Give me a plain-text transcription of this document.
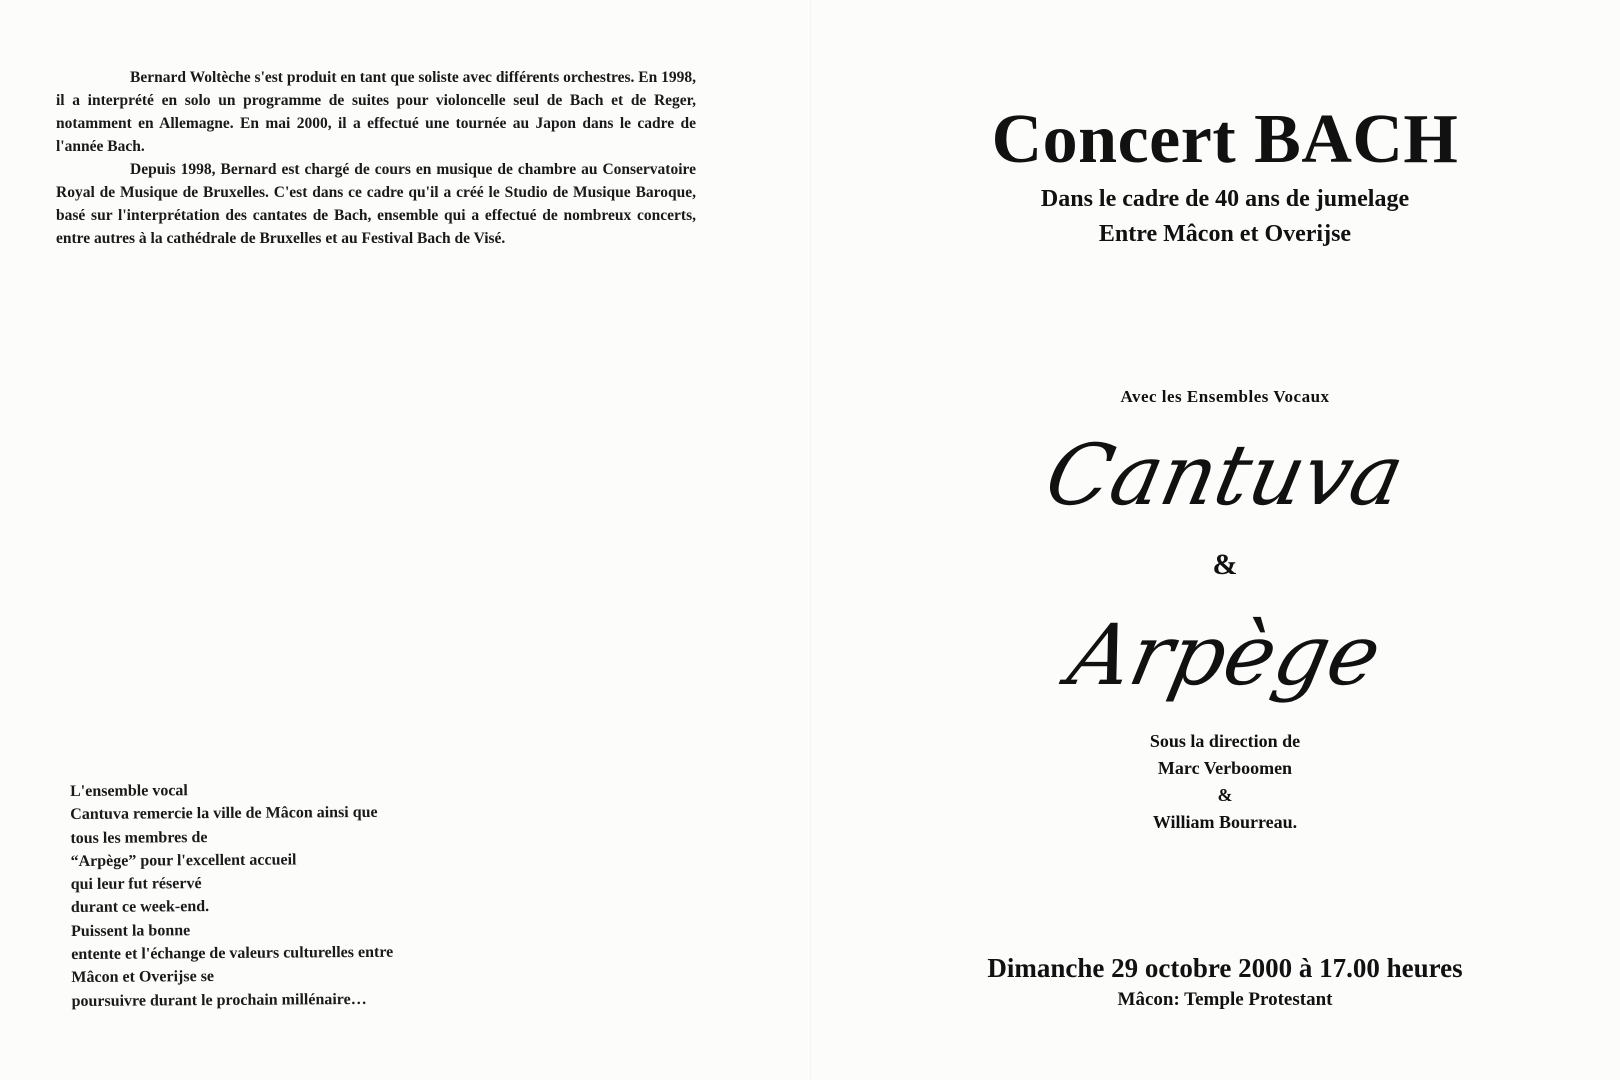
Bernard Woltèche s'est produit en tant que soliste avec différents orchestres. En 1998, il a interprété en solo un programme de suites pour violoncelle seul de Bach et de Reger, notamment en Allemagne. En mai 2000, il a effectué une tournée au Japon dans le cadre de l'année Bach.

Depuis 1998, Bernard est chargé de cours en musique de chambre au Conservatoire Royal de Musique de Bruxelles. C'est dans ce cadre qu'il a créé le Studio de Musique Baroque, basé sur l'interprétation des cantates de Bach, ensemble qui a effectué de nombreux concerts, entre autres à la cathédrale de Bruxelles et au Festival Bach de Visé.

L'ensemble vocal
Cantuva remercie la ville de Mâcon ainsi que
tous les membres de
“Arpège” pour l'excellent accueil
qui leur fut réservé
durant ce week-end.
Puissent la bonne
entente et l'échange de valeurs culturelles entre
Mâcon et Overijse se
poursuivre durant le prochain millénaire…
Concert BACH
Dans le cadre de 40 ans de jumelage
Entre Mâcon et Overijse
Avec les Ensembles Vocaux
Cantuva
&
Arpège
Sous la direction de
Marc Verboomen
&
William Bourreau.
Dimanche 29 octobre 2000 à 17.00 heures
Mâcon: Temple Protestant
